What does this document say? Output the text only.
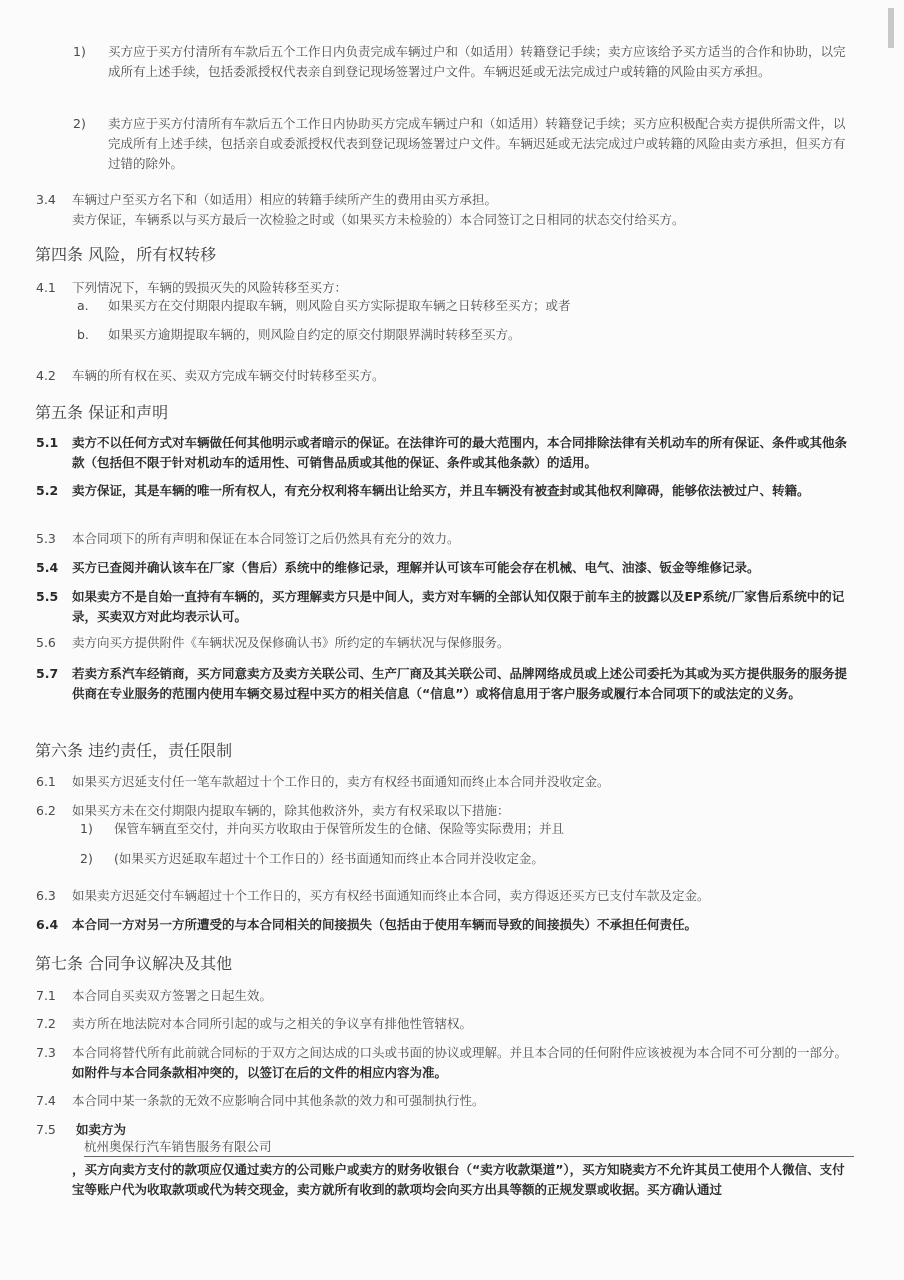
1) 买方应于买方付清所有车款后五个工作日内负责完成车辆过户和（如适用）转籍登记手续；卖方应该给予买方适当的合作和协助，以完成所有上述手续，包括委派授权代表亲自到登记现场签署过户文件。车辆迟延或无法完成过户或转籍的风险由买方承担。

2) 卖方应于买方付清所有车款后五个工作日内协助买方完成车辆过户和（如适用）转籍登记手续；买方应积极配合卖方提供所需文件，以完成所有上述手续，包括亲自或委派授权代表到登记现场签署过户文件。车辆迟延或无法完成过户或转籍的风险由卖方承担，但买方有过错的除外。

3.4 车辆过户至买方名下和（如适用）相应的转籍手续所产生的费用由买方承担。

卖方保证，车辆系以与买方最后一次检验之时或（如果买方未检验的）本合同签订之日相同的状态交付给买方。

第四条 风险，所有权转移
4.1 下列情况下，车辆的毁损灭失的风险转移至买方：

a. 如果买方在交付期限内提取车辆，则风险自买方实际提取车辆之日转移至买方；或者

b. 如果买方逾期提取车辆的，则风险自约定的原交付期限界满时转移至买方。

4.2 车辆的所有权在买、卖双方完成车辆交付时转移至买方。

第五条 保证和声明
5.1 卖方不以任何方式对车辆做任何其他明示或者暗示的保证。在法律许可的最大范围内，本合同排除法律有关机动车的所有保证、条件或其他条款（包括但不限于针对机动车的适用性、可销售品质或其他的保证、条件或其他条款）的适用。

5.2 卖方保证，其是车辆的唯一所有权人，有充分权利将车辆出让给买方，并且车辆没有被查封或其他权利障碍，能够依法被过户、转籍。

5.3 本合同项下的所有声明和保证在本合同签订之后仍然具有充分的效力。

5.4 买方已查阅并确认该车在厂家（售后）系统中的维修记录，理解并认可该车可能会存在机械、电气、油漆、钣金等维修记录。

5.5 如果卖方不是自始一直持有车辆的，买方理解卖方只是中间人，卖方对车辆的全部认知仅限于前车主的披露以及EP系统/厂家售后系统中的记录，买卖双方对此均表示认可。

5.6 卖方向买方提供附件《车辆状况及保修确认书》所约定的车辆状况与保修服务。

5.7 若卖方系汽车经销商，买方同意卖方及卖方关联公司、生产厂商及其关联公司、品牌网络成员或上述公司委托为其或为买方提供服务的服务提供商在专业服务的范围内使用车辆交易过程中买方的相关信息（“信息”）或将信息用于客户服务或履行本合同项下的或法定的义务。

第六条 违约责任，责任限制
6.1 如果买方迟延支付任一笔车款超过十个工作日的，卖方有权经书面通知而终止本合同并没收定金。

6.2 如果买方未在交付期限内提取车辆的，除其他救济外，卖方有权采取以下措施：

1) 保管车辆直至交付，并向买方收取由于保管所发生的仓储、保险等实际费用；并且

2) (如果买方迟延取车超过十个工作日的）经书面通知而终止本合同并没收定金。

6.3 如果卖方迟延交付车辆超过十个工作日的，买方有权经书面通知而终止本合同，卖方得返还买方已支付车款及定金。

6.4 本合同一方对另一方所遭受的与本合同相关的间接损失（包括由于使用车辆而导致的间接损失）不承担任何责任。

第七条 合同争议解决及其他
7.1 本合同自买卖双方签署之日起生效。

7.2 卖方所在地法院对本合同所引起的或与之相关的争议享有排他性管辖权。

7.3 本合同将替代所有此前就合同标的于双方之间达成的口头或书面的协议或理解。并且本合同的任何附件应该被视为本合同不可分割的一部分。如附件与本合同条款相冲突的，以签订在后的文件的相应内容为准。

7.4 本合同中某一条款的无效不应影响合同中其他条款的效力和可强制执行性。

7.5 如卖方为
杭州奥保行汽车销售服务有限公司

，买方向卖方支付的款项应仅通过卖方的公司账户或卖方的财务收银台（“卖方收款渠道”），买方知晓卖方不允许其员工使用个人微信、支付宝等账户代为收取款项或代为转交现金，卖方就所有收到的款项均会向买方出具等额的正规发票或收据。买方确认通过
